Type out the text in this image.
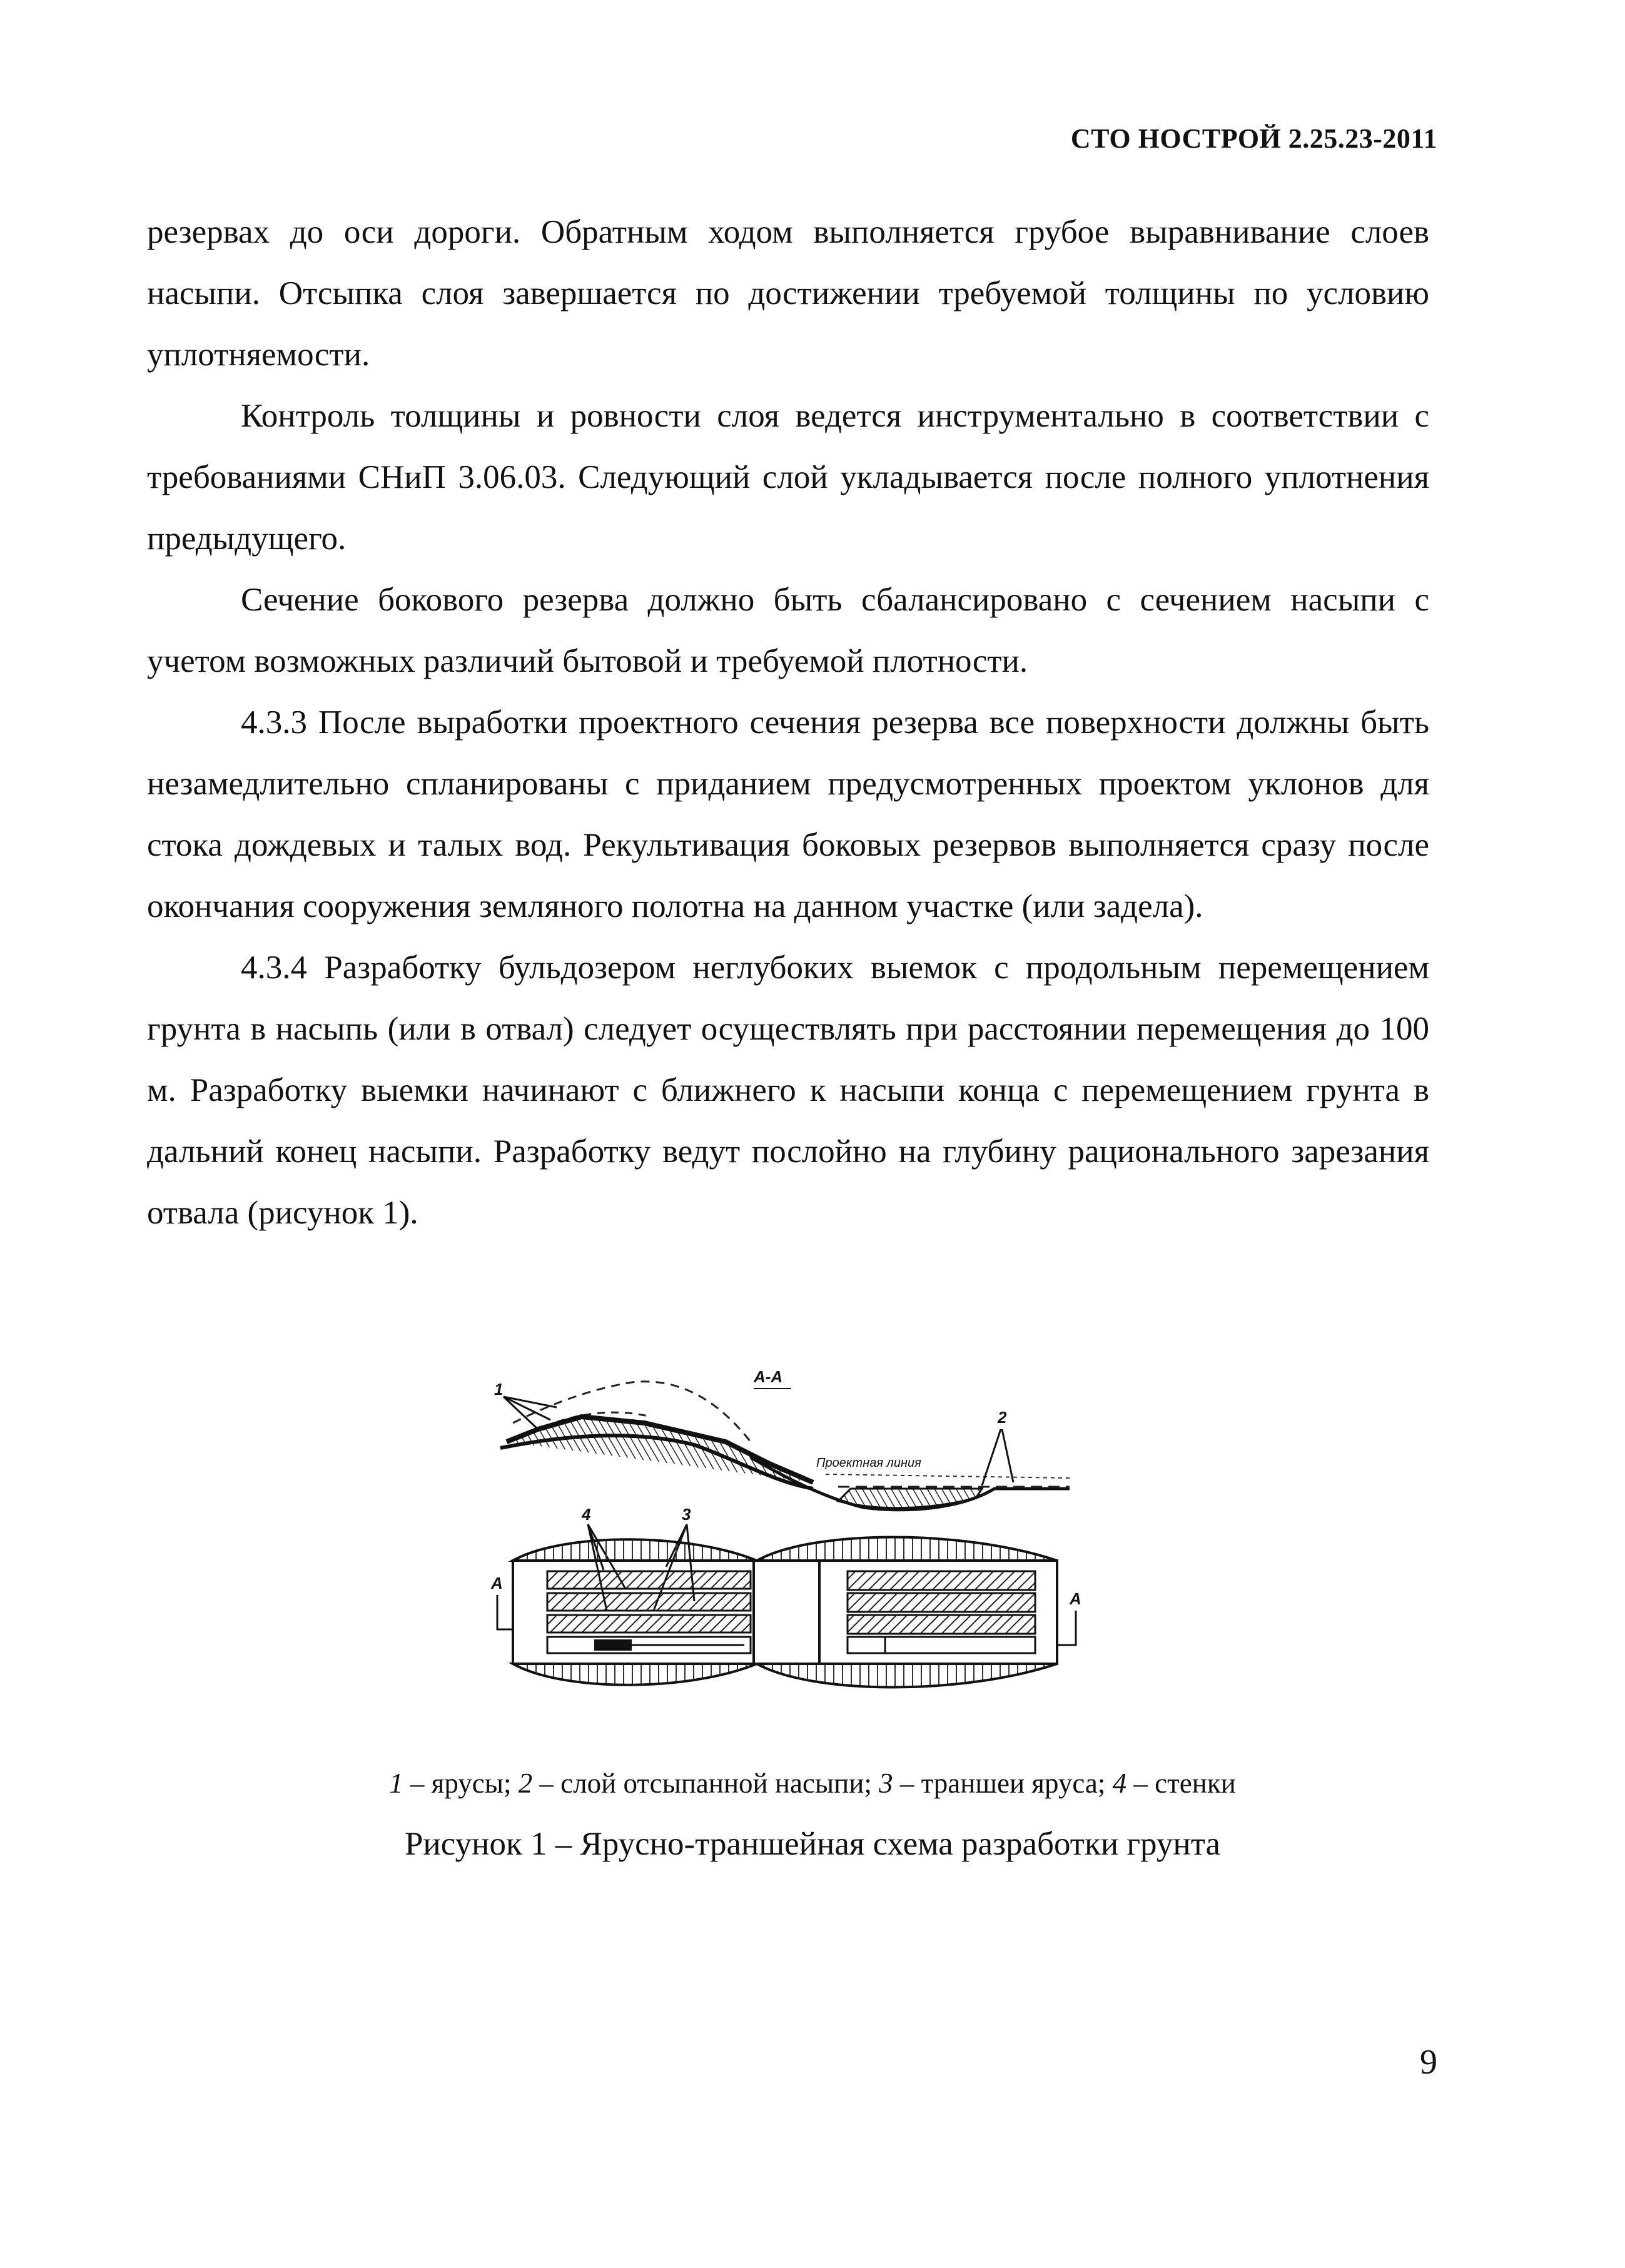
СТО НОСТРОЙ 2.25.23-2011

резервах до оси дороги. Обратным ходом выполняется грубое выравнивание слоев насыпи. Отсыпка слоя завершается по достижении требуемой толщины по условию уплотняемости.

Контроль толщины и ровности слоя ведется инструментально в соответствии с требованиями СНиП 3.06.03. Следующий слой укладывается после полного уплотнения предыдущего.

Сечение бокового резерва должно быть сбалансировано с сечением насыпи с учетом возможных различий бытовой и требуемой плотности.

4.3.3 После выработки проектного сечения резерва все поверхности должны быть незамедлительно спланированы с приданием предусмотренных проектом уклонов для стока дождевых и талых вод. Рекультивация боковых резервов выполняется сразу после окончания сооружения земляного полотна на данном участке (или задела).

4.3.4 Разработку бульдозером неглубоких выемок с продольным перемещением грунта в насыпь (или в отвал) следует осуществлять при расстоянии перемещения до 100 м. Разработку выемки начинают с ближнего к насыпи конца с перемещением грунта в дальний конец насыпи. Разработку ведут послойно на глубину рационального зарезания отвала (рисунок 1).

Проектная линия
А-А
1
2
4	3
А
А
1 – ярусы; 2 – слой отсыпанной насыпи; 3 – траншеи яруса; 4 – стенки
Рисунок 1 – Ярусно-траншейная схема разработки грунта
9
